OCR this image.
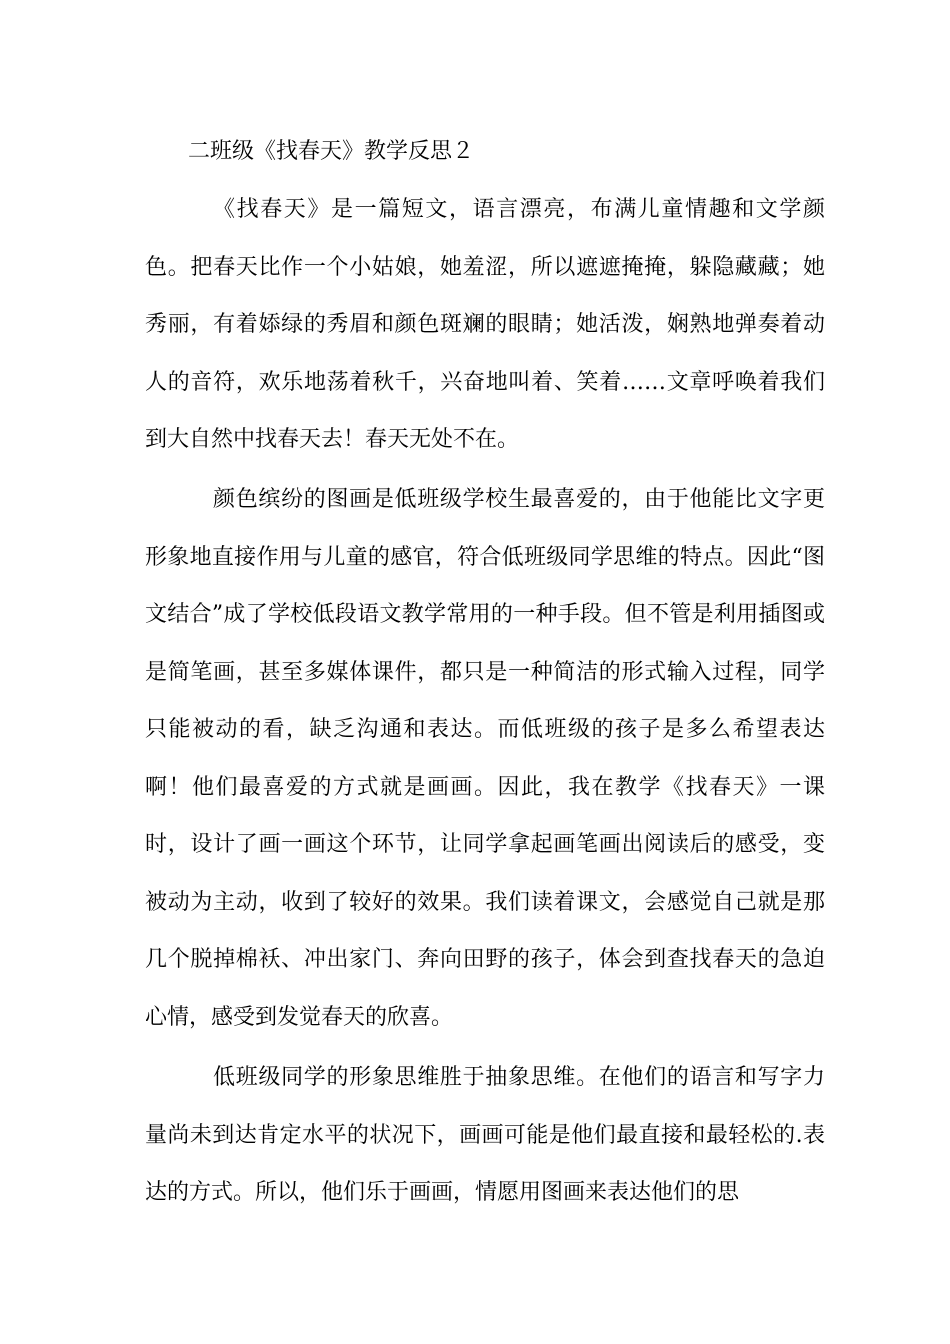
二班级《找春天》教学反思２

《找春天》是一篇短文，语言漂亮，布满儿童情趣和文学颜色。把春天比作一个小姑娘，她羞涩，所以遮遮掩掩，躲隐藏藏；她秀丽，有着婖绿的秀眉和颜色斑斓的眼睛；她活泼，娴熟地弹奏着动人的音符，欢乐地荡着秋千，兴奋地叫着、笑着……文章呼唤着我们到大自然中找春天去！春天无处不在。

颜色缤纷的图画是低班级学校生最喜爱的，由于他能比文字更形象地直接作用与儿童的感官，符合低班级同学思维的特点。因此“图文结合”成了学校低段语文教学常用的一种手段。但不管是利用插图或是简笔画，甚至多媒体课件，都只是一种简洁的形式输入过程，同学只能被动的看，缺乏沟通和表达。而低班级的孩子是多么希望表达啊！他们最喜爱的方式就是画画。因此，我在教学《找春天》一课时，设计了画一画这个环节，让同学拿起画笔画出阅读后的感受，变被动为主动，收到了较好的效果。我们读着课文，会感觉自己就是那几个脱掉棉袄、冲出家门、奔向田野的孩子，体会到查找春天的急迫心情，感受到发觉春天的欣喜。

低班级同学的形象思维胜于抽象思维。在他们的语言和写字力量尚未到达肯定水平的状况下，画画可能是他们最直接和最轻松的.表达的方式。所以，他们乐于画画，情愿用图画来表达他们的思
